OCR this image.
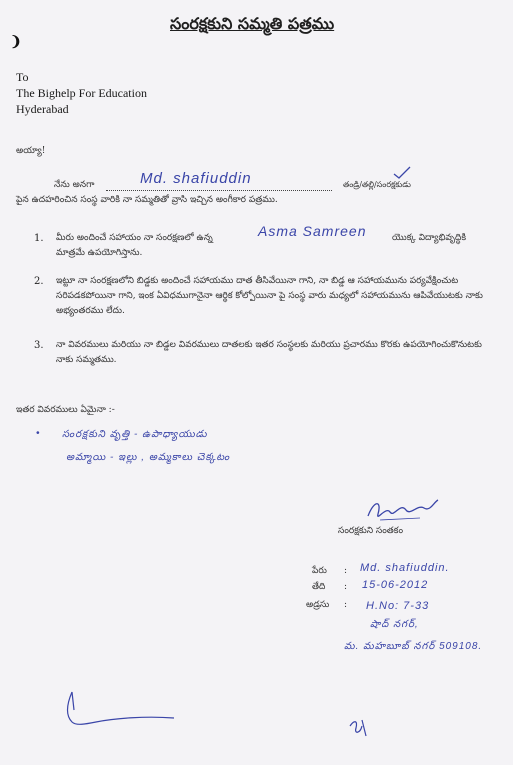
సంరక్షకుని సమ్మతి పత్రము
❩
To
The Bighelp For Education
Hyderabad
అయ్యా!
నేను అనగా	Md. shafiuddin	తండ్రి/తల్లి/సంరక్షకుడు
పైన ఉదహరించిన సంస్థ వారికి నా సమ్మతితో వ్రాసి ఇచ్చిన అంగీకార పత్రము.
1. మీరు అందించే సహాయం నా సంరక్షణలో ఉన్న	Asma Samreen	యొక్క విద్యాభివృద్ధికి
మాత్రమే ఉపయోగిస్తాను.
2. ఇట్టూ నా సంరక్షణలోని బిడ్డకు అందించే సహాయము దాత తీసివేయినా గాని, నా బిడ్డ ఆ సహాయమును పర్యవేక్షించుట సరిపడకపోయినా గాని, ఇంక ఏవిధముగానైనా ఆర్థిక కోల్పోయినా పై సంస్థ వారు మధ్యలో సహాయమును ఆపివేయుటకు నాకు అభ్యంతరము లేదు.
3. నా వివరములు మరియు నా బిడ్డల వివరములు దాతలకు ఇతర సంస్థలకు మరియు ప్రచారము కొరకు ఉపయోగించుకొనుటకు నాకు సమ్మతము.
ఇతర వివరములు ఏమైనా :-
• సంరక్షకుని వృత్తి - ఉపాధ్యాయుడు
అమ్మాయి - ఇల్లు , అమ్మకాలు చెక్కటం
సంరక్షకుని సంతకం
పేరు : Md. shafiuddin.
తేది : 15-06-2012
అడ్రసు : H.No: 7-33
షాద్ నగర్,
మ. మహబూబ్ నగర్ 509108.
